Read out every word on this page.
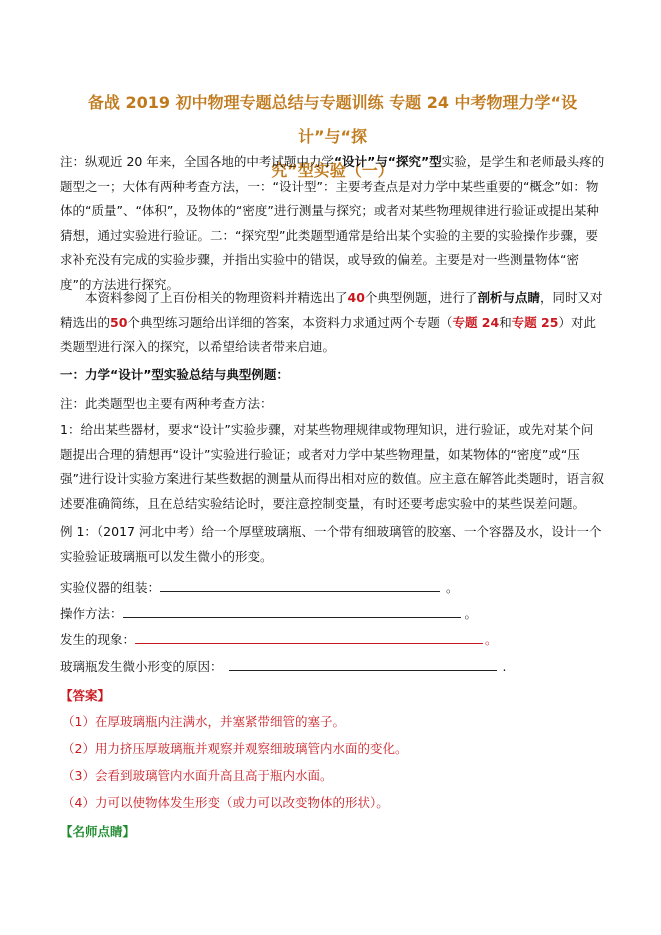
备战 2019 初中物理专题总结与专题训练 专题 24 中考物理力学“设计”与“探
究”型实验（一）

注：纵观近 20 年来，全国各地的中考试题中力学“设计”与“探究”型实验，是学生和老师最头疼的题型之一；大体有两种考查方法，一：“设计型”：主要考查点是对力学中某些重要的“概念”如：物体的“质量”、“体积”，及物体的“密度”进行测量与探究；或者对某些物理规律进行验证或提出某种猜想，通过实验进行验证。二：“探究型”此类题型通常是给出某个实验的主要的实验操作步骤，要求补充没有完成的实验步骤，并指出实验中的错误，或导致的偏差。主要是对一些测量物体“密度”的方法进行探究。

本资料参阅了上百份相关的物理资料并精选出了40个典型例题，进行了剖析与点睛，同时又对精选出的50个典型练习题给出详细的答案，本资料力求通过两个专题（专题 24和专题 25）对此类题型进行深入的探究，以希望给读者带来启迪。

一：力学“设计”型实验总结与典型例题：

注：此类题型也主要有两种考查方法：

1：给出某些器材，要求“设计”实验步骤，对某些物理规律或物理知识，进行验证，或先对某个问题提出合理的猜想再“设计”实验进行验证；或者对力学中某些物理量，如某物体的“密度”或“压强”进行设计实验方案进行某些数据的测量从而得出相对应的数值。应主意在解答此类题时，语言叙述要准确简练，且在总结实验结论时，要注意控制变量，有时还要考虑实验中的某些误差问题。

例 1：（2017 河北中考）给一个厚壁玻璃瓶、一个带有细玻璃管的胶塞、一个容器及水，设计一个实验验证玻璃瓶可以发生微小的形变。

实验仪器的组装：	。
操作方法：	。
发生的现象：	。
玻璃瓶发生微小形变的原因：	.
【答案】
（1）在厚玻璃瓶内注满水，并塞紧带细管的塞子。
（2）用力挤压厚玻璃瓶并观察并观察细玻璃管内水面的变化。
（3）会看到玻璃管内水面升高且高于瓶内水面。
（4）力可以使物体发生形变（或力可以改变物体的形状）。
【名师点睛】
